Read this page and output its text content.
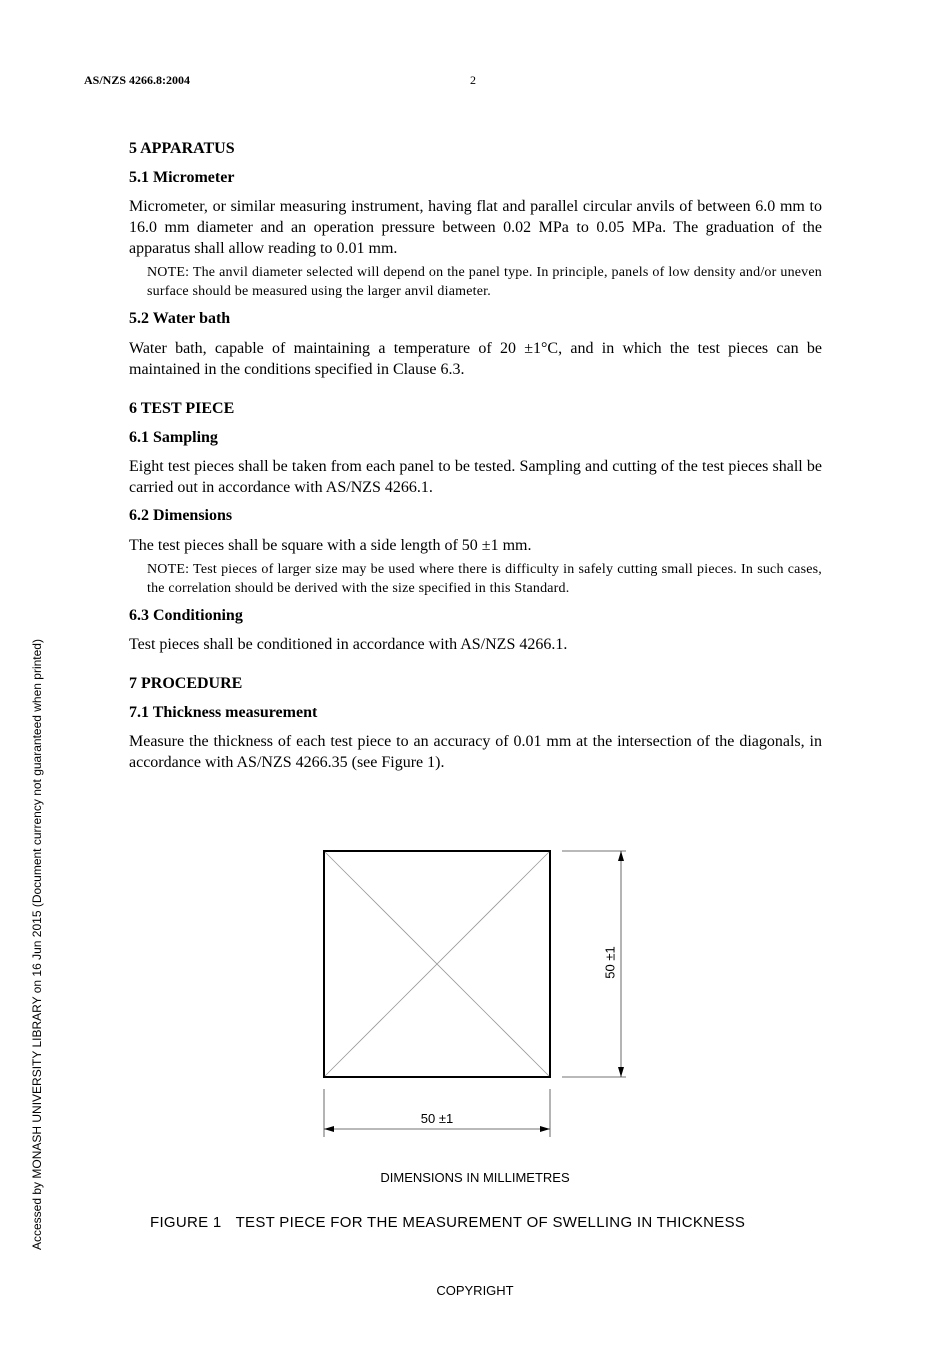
AS/NZS 4266.8:2004	2
Accessed by MONASH UNIVERSITY LIBRARY on 16 Jun 2015 (Document currency not guaranteed when printed)

5 APPARATUS

5.1 Micrometer

Micrometer, or similar measuring instrument, having flat and parallel circular anvils of between 6.0 mm to 16.0 mm diameter and an operation pressure between 0.02 MPa to 0.05 MPa. The graduation of the apparatus shall allow reading to 0.01 mm.

NOTE: The anvil diameter selected will depend on the panel type. In principle, panels of low density and/or uneven surface should be measured using the larger anvil diameter.

5.2 Water bath

Water bath, capable of maintaining a temperature of 20 ±1°C, and in which the test pieces can be maintained in the conditions specified in Clause 6.3.

6 TEST PIECE

6.1 Sampling

Eight test pieces shall be taken from each panel to be tested. Sampling and cutting of the test pieces shall be carried out in accordance with AS/NZS 4266.1.

6.2 Dimensions

The test pieces shall be square with a side length of 50 ±1 mm.

NOTE: Test pieces of larger size may be used where there is difficulty in safely cutting small pieces. In such cases, the correlation should be derived with the size specified in this Standard.

6.3 Conditioning

Test pieces shall be conditioned in accordance with AS/NZS 4266.1.

7 PROCEDURE

7.1 Thickness measurement

Measure the thickness of each test piece to an accuracy of 0.01 mm at the intersection of the diagonals, in accordance with AS/NZS 4266.35 (see Figure 1).

50 ±1
50 ±1
DIMENSIONS IN MILLIMETRES
FIGURE 1 TEST PIECE FOR THE MEASUREMENT OF SWELLING IN THICKNESS
COPYRIGHT
